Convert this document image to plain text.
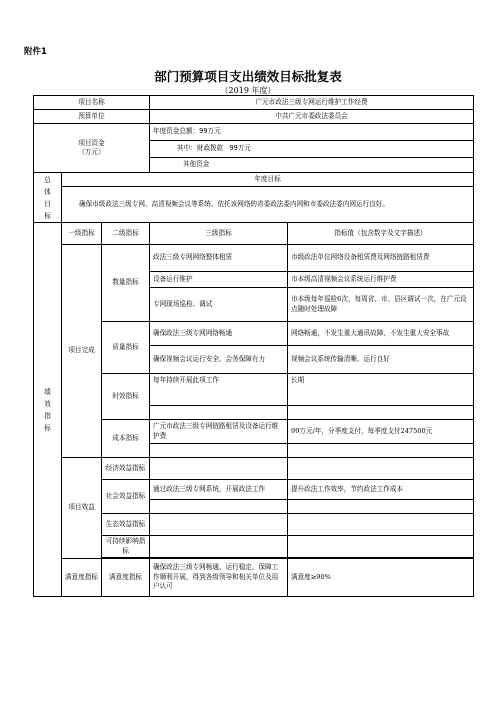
附件1
部门预算项目支出绩效目标批复表
（2019 年度）
项目名称			广元市政法三级专网运行维护工作经费	
预算单位			中共广元市委政法委员会	

项目资金
（万元）			年度资金总额：99万元	
			其中：财政拨款 99万元	
			其他资金	

总
体
目
标	年度目标			
	确保市级政法三级专网、高清视频会议等系统、依托该网络的省委政法委内网和市委政法委内网运行良好。			

绩
效
指
标	一级指标	二级指标	三级指标	指标值（包含数字及文字描述）
	项目完成	数量指标	政法三级专网网络整体租赁	市级政法单位网络设备租赁费及网络链路租赁费
			设备运行维护	市本级高清视频会议系统运行维护费
			专网现场巡检、调试	市本级每年巡检6次，每周省、市、县区调试一次，在广元设点随时处理故障
		质量指标	确保政法三级专网网络畅通	网络畅通，不发生重大通讯故障，不发生重大安全事故
			确保视频会议运行安全、会务保障有力	视频会议系统传输清晰、运行良好
		时效指标	每年持续开展此项工作	长期

		成本指标	广元市政法三级专网链路租赁及设备运行维护费	99万元/年，分季度支付，每季度支付247500元

	项目效益	经济效益指标		
		社会效益指标	通过政法三级专网系统，开展政法工作	提升政法工作效率，节约政法工作成本

		生态效益指标		
		可持续影响指标		

	满意度指标	满意度指标	确保政法三级专网畅通、运行稳定，保障工作顺利开展，得到各级领导和相关单位及用户认可	满意度≥90%
